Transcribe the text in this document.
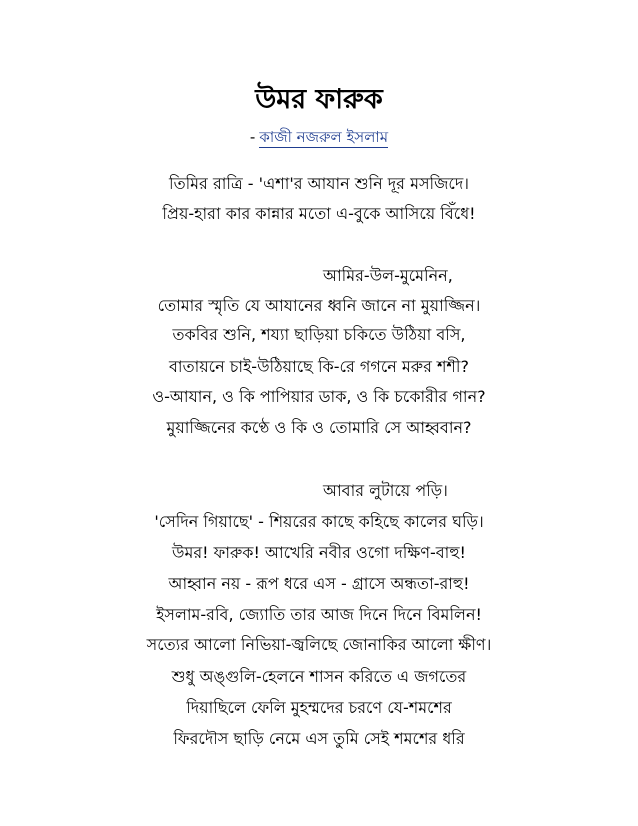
উমর ফারুক
- কাজী নজরুল ইসলাম
তিমির রাত্রি - 'এশা'র আযান শুনি দূর মসজিদে।
প্রিয়-হারা কার কান্নার মতো এ-বুকে আসিয়ে বিঁধে!
আমির-উল-মুমেনিন,
তোমার স্মৃতি যে আযানের ধ্বনি জানে না মুয়াজ্জিন।
তকবির শুনি, শয্যা ছাড়িয়া চকিতে উঠিয়া বসি,
বাতায়নে চাই-উঠিয়াছে কি-রে গগনে মরুর শশী?
ও-আযান, ও কি পাপিয়ার ডাক, ও কি চকোরীর গান?
মুয়াজ্জিনের কণ্ঠে ও কি ও তোমারি সে আহ্ববান?
আবার লুটায়ে পড়ি।
'সেদিন গিয়াছে' - শিয়রের কাছে কহিছে কালের ঘড়ি।
উমর! ফারুক! আখেরি নবীর ওগো দক্ষিণ-বাহু!
আহ্বান নয় - রূপ ধরে এস - গ্রাসে অন্ধতা-রাহু!
ইসলাম-রবি, জ্যোতি তার আজ দিনে দিনে বিমলিন!
সত্যের আলো নিভিয়া-জ্বলিছে জোনাকির আলো ক্ষীণ।
শুধু অঙ্গুলি-হেলনে শাসন করিতে এ জগতের
দিয়াছিলে ফেলি মুহম্মদের চরণে যে-শমশের
ফিরদৌস ছাড়ি নেমে এস তুমি সেই শমশের ধরি
